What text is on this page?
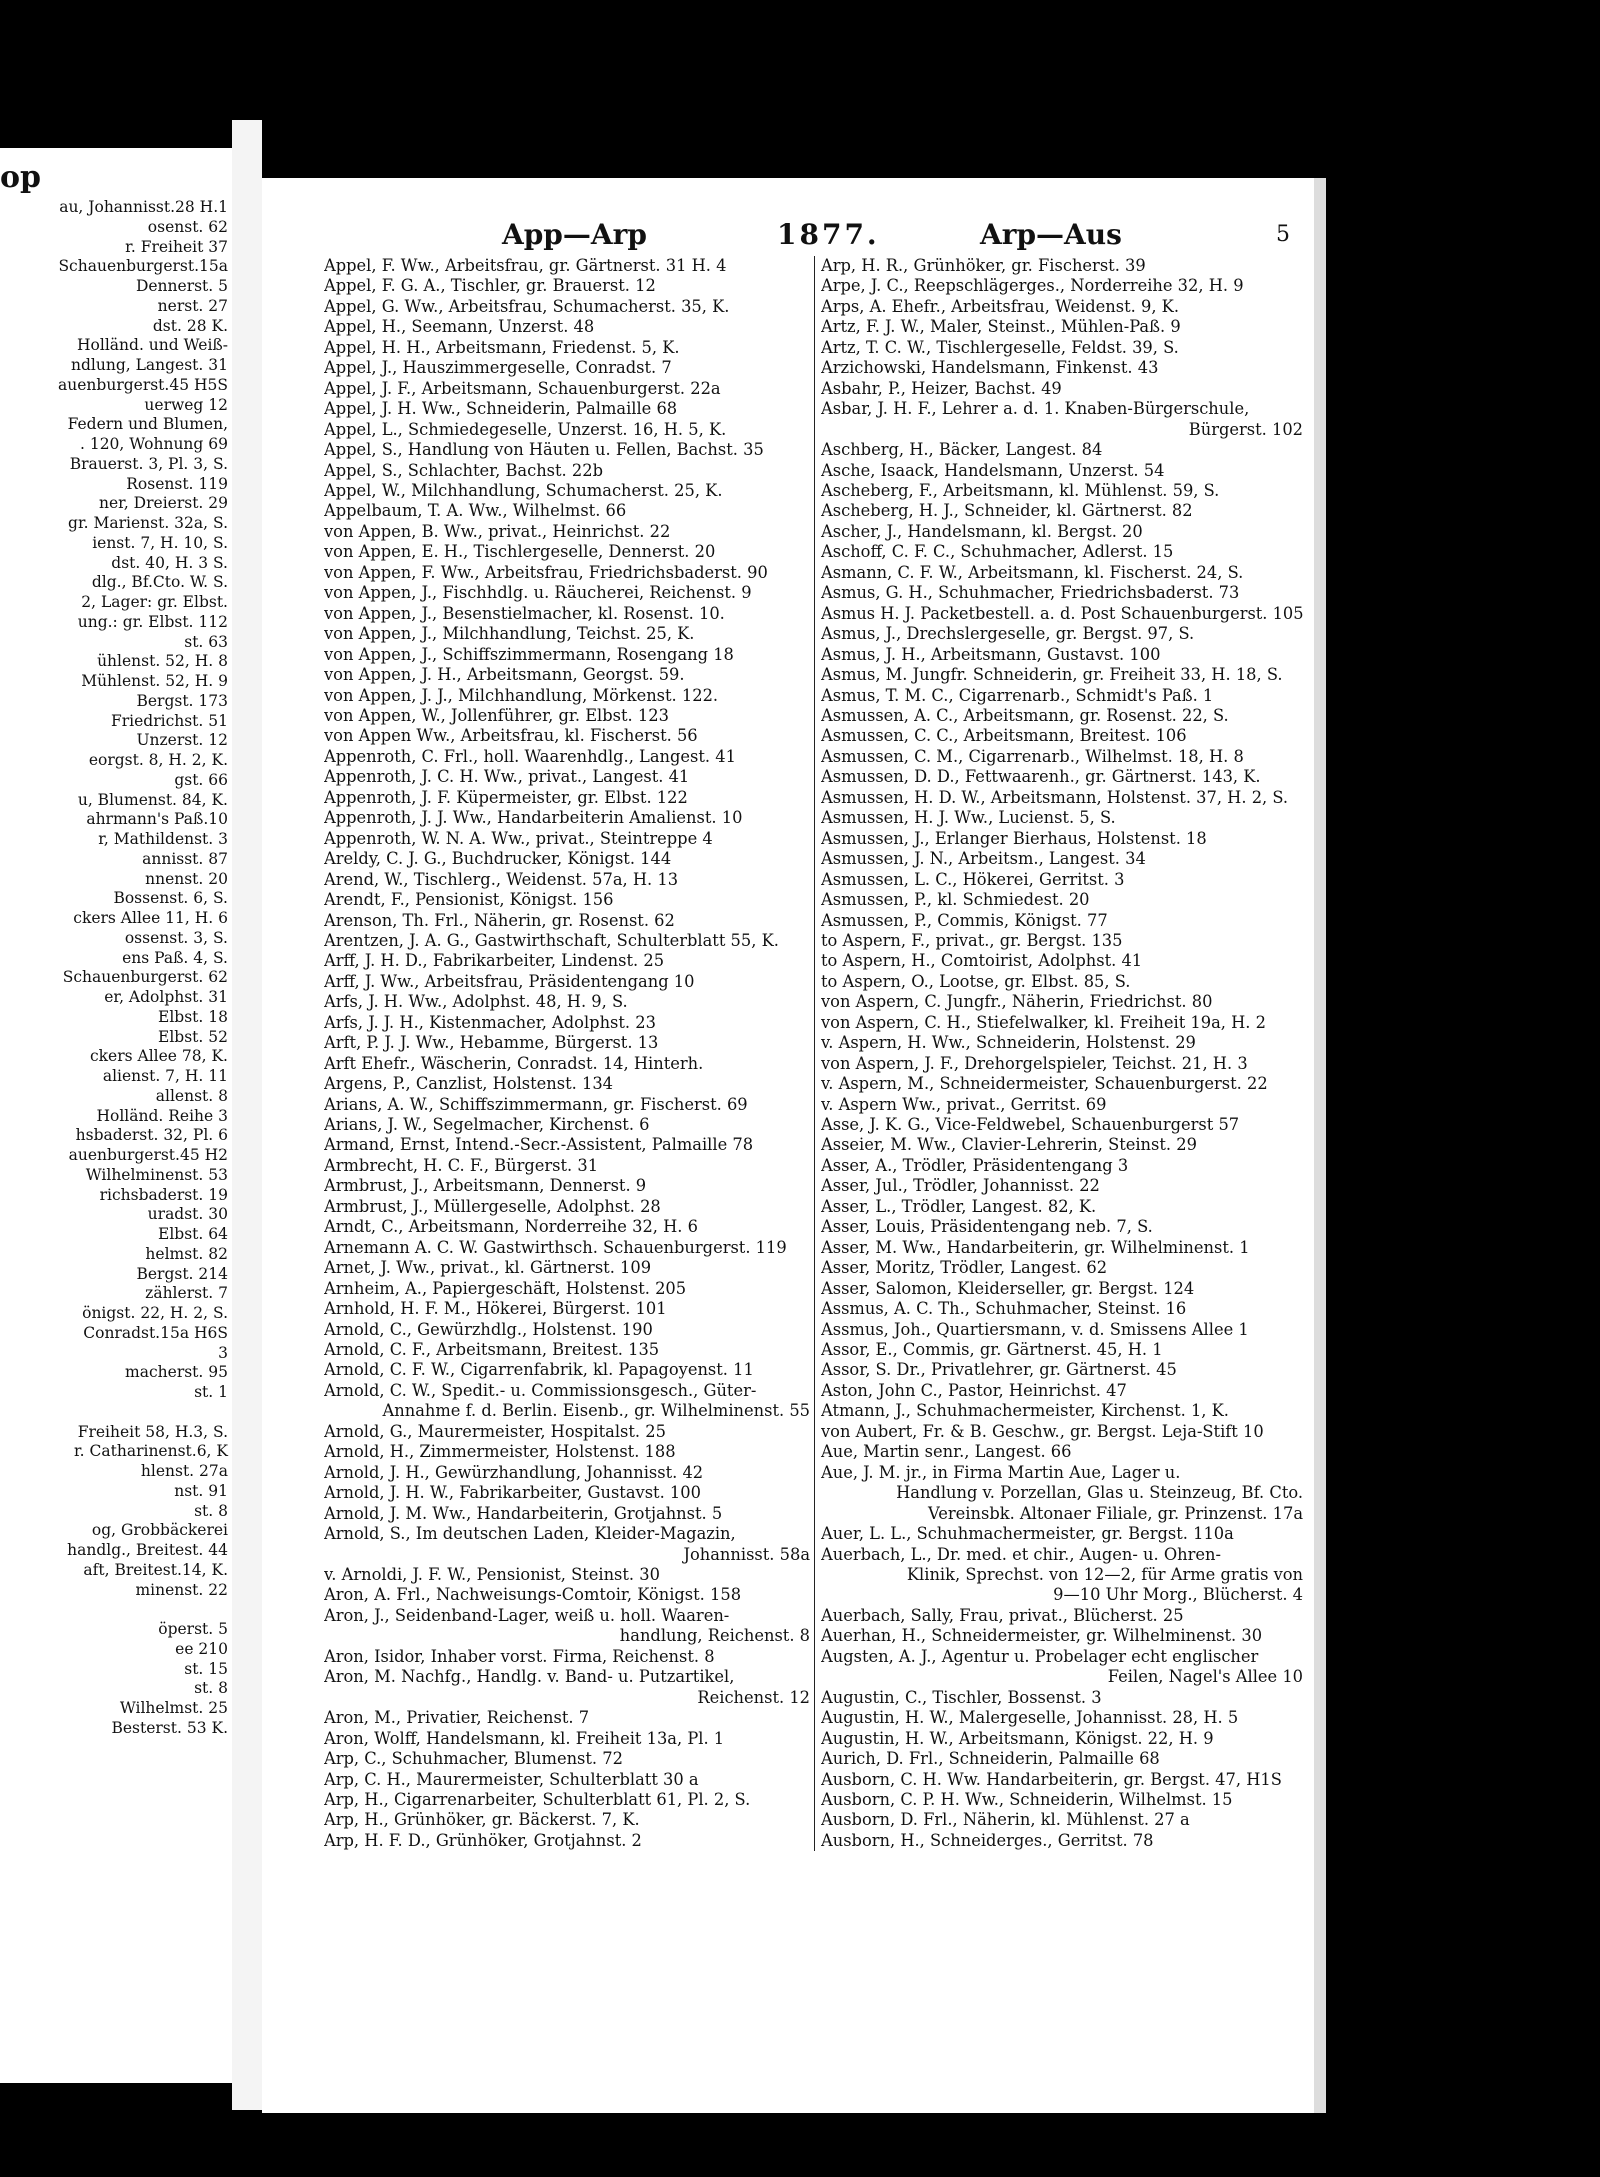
op
au, Johannisst.28 H.1
osenst. 62
r. Freiheit 37
Schauenburgerst.15a
Dennerst. 5
nerst. 27
dst. 28 K.
Holländ. und Weiß-
ndlung, Langest. 31
auenburgerst.45 H5S
uerweg 12
Federn und Blumen,
. 120, Wohnung 69
Brauerst. 3, Pl. 3, S.
Rosenst. 119
ner, Dreierst. 29
gr. Marienst. 32a, S.
ienst. 7, H. 10, S.
dst. 40, H. 3 S.
dlg., Bf.Cto. W. S.
2, Lager: gr. Elbst.
ung.: gr. Elbst. 112
st. 63
ühlenst. 52, H. 8
Mühlenst. 52, H. 9
Bergst. 173
Friedrichst. 51
Unzerst. 12
eorgst. 8, H. 2, K.
gst. 66
u, Blumenst. 84, K.
ahrmann's Paß.10
r, Mathildenst. 3
annisst. 87
nnenst. 20
Bossenst. 6, S.
ckers Allee 11, H. 6
ossenst. 3, S.
ens Paß. 4, S.
Schauenburgerst. 62
er, Adolphst. 31
Elbst. 18
Elbst. 52
ckers Allee 78, K.
alienst. 7, H. 11
allenst. 8
Holländ. Reihe 3
hsbaderst. 32, Pl. 6
auenburgerst.45 H2
Wilhelminenst. 53
richsbaderst. 19
uradst. 30
Elbst. 64
helmst. 82
Bergst. 214
zählerst. 7
önigst. 22, H. 2, S.
Conradst.15a H6S
3
macherst. 95
st. 1
Freiheit 58, H.3, S.
r. Catharinenst.6, K
hlenst. 27a
nst. 91
st. 8
og, Grobbäckerei
handlg., Breitest. 44
aft, Breitest.14, K.
minenst. 22
öperst. 5
ee 210
st. 15
st. 8
Wilhelmst. 25
Besterst. 53 K.
App—Arp	1877.	Arp—Aus	5
Appel, F. Ww., Arbeitsfrau, gr. Gärtnerst. 31 H. 4
Appel, F. G. A., Tischler, gr. Brauerst. 12
Appel, G. Ww., Arbeitsfrau, Schumacherst. 35, K.
Appel, H., Seemann, Unzerst. 48
Appel, H. H., Arbeitsmann, Friedenst. 5, K.
Appel, J., Hauszimmergeselle, Conradst. 7
Appel, J. F., Arbeitsmann, Schauenburgerst. 22a
Appel, J. H. Ww., Schneiderin, Palmaille 68
Appel, L., Schmiedegeselle, Unzerst. 16, H. 5, K.
Appel, S., Handlung von Häuten u. Fellen, Bachst. 35
Appel, S., Schlachter, Bachst. 22b
Appel, W., Milchhandlung, Schumacherst. 25, K.
Appelbaum, T. A. Ww., Wilhelmst. 66
von Appen, B. Ww., privat., Heinrichst. 22
von Appen, E. H., Tischlergeselle, Dennerst. 20
von Appen, F. Ww., Arbeitsfrau, Friedrichsbaderst. 90
von Appen, J., Fischhdlg. u. Räucherei, Reichenst. 9
von Appen, J., Besenstielmacher, kl. Rosenst. 10.
von Appen, J., Milchhandlung, Teichst. 25, K.
von Appen, J., Schiffszimmermann, Rosengang 18
von Appen, J. H., Arbeitsmann, Georgst. 59.
von Appen, J. J., Milchhandlung, Mörkenst. 122.
von Appen, W., Jollenführer, gr. Elbst. 123
von Appen Ww., Arbeitsfrau, kl. Fischerst. 56
Appenroth, C. Frl., holl. Waarenhdlg., Langest. 41
Appenroth, J. C. H. Ww., privat., Langest. 41
Appenroth, J. F. Küpermeister, gr. Elbst. 122
Appenroth, J. J. Ww., Handarbeiterin Amalienst. 10
Appenroth, W. N. A. Ww., privat., Steintreppe 4
Areldy, C. J. G., Buchdrucker, Königst. 144
Arend, W., Tischlerg., Weidenst. 57a, H. 13
Arendt, F., Pensionist, Königst. 156
Arenson, Th. Frl., Näherin, gr. Rosenst. 62
Arentzen, J. A. G., Gastwirthschaft, Schulterblatt 55, K.
Arff, J. H. D., Fabrikarbeiter, Lindenst. 25
Arff, J. Ww., Arbeitsfrau, Präsidentengang 10
Arfs, J. H. Ww., Adolphst. 48, H. 9, S.
Arfs, J. J. H., Kistenmacher, Adolphst. 23
Arft, P. J. J. Ww., Hebamme, Bürgerst. 13
Arft Ehefr., Wäscherin, Conradst. 14, Hinterh.
Argens, P., Canzlist, Holstenst. 134
Arians, A. W., Schiffszimmermann, gr. Fischerst. 69
Arians, J. W., Segelmacher, Kirchenst. 6
Armand, Ernst, Intend.-Secr.-Assistent, Palmaille 78
Armbrecht, H. C. F., Bürgerst. 31
Armbrust, J., Arbeitsmann, Dennerst. 9
Armbrust, J., Müllergeselle, Adolphst. 28
Arndt, C., Arbeitsmann, Norderreihe 32, H. 6
Arnemann A. C. W. Gastwirthsch. Schauenburgerst. 119
Arnet, J. Ww., privat., kl. Gärtnerst. 109
Arnheim, A., Papiergeschäft, Holstenst. 205
Arnhold, H. F. M., Hökerei, Bürgerst. 101
Arnold, C., Gewürzhdlg., Holstenst. 190
Arnold, C. F., Arbeitsmann, Breitest. 135
Arnold, C. F. W., Cigarrenfabrik, kl. Papagoyenst. 11
Arnold, C. W., Spedit.- u. Commissionsgesch., Güter-
Annahme f. d. Berlin. Eisenb., gr. Wilhelminenst. 55
Arnold, G., Maurermeister, Hospitalst. 25
Arnold, H., Zimmermeister, Holstenst. 188
Arnold, J. H., Gewürzhandlung, Johannisst. 42
Arnold, J. H. W., Fabrikarbeiter, Gustavst. 100
Arnold, J. M. Ww., Handarbeiterin, Grotjahnst. 5
Arnold, S., Im deutschen Laden, Kleider-Magazin,
Johannisst. 58a
v. Arnoldi, J. F. W., Pensionist, Steinst. 30
Aron, A. Frl., Nachweisungs-Comtoir, Königst. 158
Aron, J., Seidenband-Lager, weiß u. holl. Waaren-
handlung, Reichenst. 8
Aron, Isidor, Inhaber vorst. Firma, Reichenst. 8
Aron, M. Nachfg., Handlg. v. Band- u. Putzartikel,
Reichenst. 12
Aron, M., Privatier, Reichenst. 7
Aron, Wolff, Handelsmann, kl. Freiheit 13a, Pl. 1
Arp, C., Schuhmacher, Blumenst. 72
Arp, C. H., Maurermeister, Schulterblatt 30 a
Arp, H., Cigarrenarbeiter, Schulterblatt 61, Pl. 2, S.
Arp, H., Grünhöker, gr. Bäckerst. 7, K.
Arp, H. F. D., Grünhöker, Grotjahnst. 2
Arp, H. R., Grünhöker, gr. Fischerst. 39
Arpe, J. C., Reepschlägerges., Norderreihe 32, H. 9
Arps, A. Ehefr., Arbeitsfrau, Weidenst. 9, K.
Artz, F. J. W., Maler, Steinst., Mühlen-Paß. 9
Artz, T. C. W., Tischlergeselle, Feldst. 39, S.
Arzichowski, Handelsmann, Finkenst. 43
Asbahr, P., Heizer, Bachst. 49
Asbar, J. H. F., Lehrer a. d. 1. Knaben-Bürgerschule,
Bürgerst. 102
Aschberg, H., Bäcker, Langest. 84
Asche, Isaack, Handelsmann, Unzerst. 54
Ascheberg, F., Arbeitsmann, kl. Mühlenst. 59, S.
Ascheberg, H. J., Schneider, kl. Gärtnerst. 82
Ascher, J., Handelsmann, kl. Bergst. 20
Aschoff, C. F. C., Schuhmacher, Adlerst. 15
Asmann, C. F. W., Arbeitsmann, kl. Fischerst. 24, S.
Asmus, G. H., Schuhmacher, Friedrichsbaderst. 73
Asmus H. J. Packetbestell. a. d. Post Schauenburgerst. 105
Asmus, J., Drechslergeselle, gr. Bergst. 97, S.
Asmus, J. H., Arbeitsmann, Gustavst. 100
Asmus, M. Jungfr. Schneiderin, gr. Freiheit 33, H. 18, S.
Asmus, T. M. C., Cigarrenarb., Schmidt's Paß. 1
Asmussen, A. C., Arbeitsmann, gr. Rosenst. 22, S.
Asmussen, C. C., Arbeitsmann, Breitest. 106
Asmussen, C. M., Cigarrenarb., Wilhelmst. 18, H. 8
Asmussen, D. D., Fettwaarenh., gr. Gärtnerst. 143, K.
Asmussen, H. D. W., Arbeitsmann, Holstenst. 37, H. 2, S.
Asmussen, H. J. Ww., Lucienst. 5, S.
Asmussen, J., Erlanger Bierhaus, Holstenst. 18
Asmussen, J. N., Arbeitsm., Langest. 34
Asmussen, L. C., Hökerei, Gerritst. 3
Asmussen, P., kl. Schmiedest. 20
Asmussen, P., Commis, Königst. 77
to Aspern, F., privat., gr. Bergst. 135
to Aspern, H., Comtoirist, Adolphst. 41
to Aspern, O., Lootse, gr. Elbst. 85, S.
von Aspern, C. Jungfr., Näherin, Friedrichst. 80
von Aspern, C. H., Stiefelwalker, kl. Freiheit 19a, H. 2
v. Aspern, H. Ww., Schneiderin, Holstenst. 29
von Aspern, J. F., Drehorgelspieler, Teichst. 21, H. 3
v. Aspern, M., Schneidermeister, Schauenburgerst. 22
v. Aspern Ww., privat., Gerritst. 69
Asse, J. K. G., Vice-Feldwebel, Schauenburgerst 57
Asseier, M. Ww., Clavier-Lehrerin, Steinst. 29
Asser, A., Trödler, Präsidentengang 3
Asser, Jul., Trödler, Johannisst. 22
Asser, L., Trödler, Langest. 82, K.
Asser, Louis, Präsidentengang neb. 7, S.
Asser, M. Ww., Handarbeiterin, gr. Wilhelminenst. 1
Asser, Moritz, Trödler, Langest. 62
Asser, Salomon, Kleiderseller, gr. Bergst. 124
Assmus, A. C. Th., Schuhmacher, Steinst. 16
Assmus, Joh., Quartiersmann, v. d. Smissens Allee 1
Assor, E., Commis, gr. Gärtnerst. 45, H. 1
Assor, S. Dr., Privatlehrer, gr. Gärtnerst. 45
Aston, John C., Pastor, Heinrichst. 47
Atmann, J., Schuhmachermeister, Kirchenst. 1, K.
von Aubert, Fr. & B. Geschw., gr. Bergst. Leja-Stift 10
Aue, Martin senr., Langest. 66
Aue, J. M. jr., in Firma Martin Aue, Lager u.
Handlung v. Porzellan, Glas u. Steinzeug, Bf. Cto.
Vereinsbk. Altonaer Filiale, gr. Prinzenst. 17a
Auer, L. L., Schuhmachermeister, gr. Bergst. 110a
Auerbach, L., Dr. med. et chir., Augen- u. Ohren-
Klinik, Sprechst. von 12—2, für Arme gratis von
9—10 Uhr Morg., Blücherst. 4
Auerbach, Sally, Frau, privat., Blücherst. 25
Auerhan, H., Schneidermeister, gr. Wilhelminenst. 30
Augsten, A. J., Agentur u. Probelager echt englischer
Feilen, Nagel's Allee 10
Augustin, C., Tischler, Bossenst. 3
Augustin, H. W., Malergeselle, Johannisst. 28, H. 5
Augustin, H. W., Arbeitsmann, Königst. 22, H. 9
Aurich, D. Frl., Schneiderin, Palmaille 68
Ausborn, C. H. Ww. Handarbeiterin, gr. Bergst. 47, H1S
Ausborn, C. P. H. Ww., Schneiderin, Wilhelmst. 15
Ausborn, D. Frl., Näherin, kl. Mühlenst. 27 a
Ausborn, H., Schneiderges., Gerritst. 78
